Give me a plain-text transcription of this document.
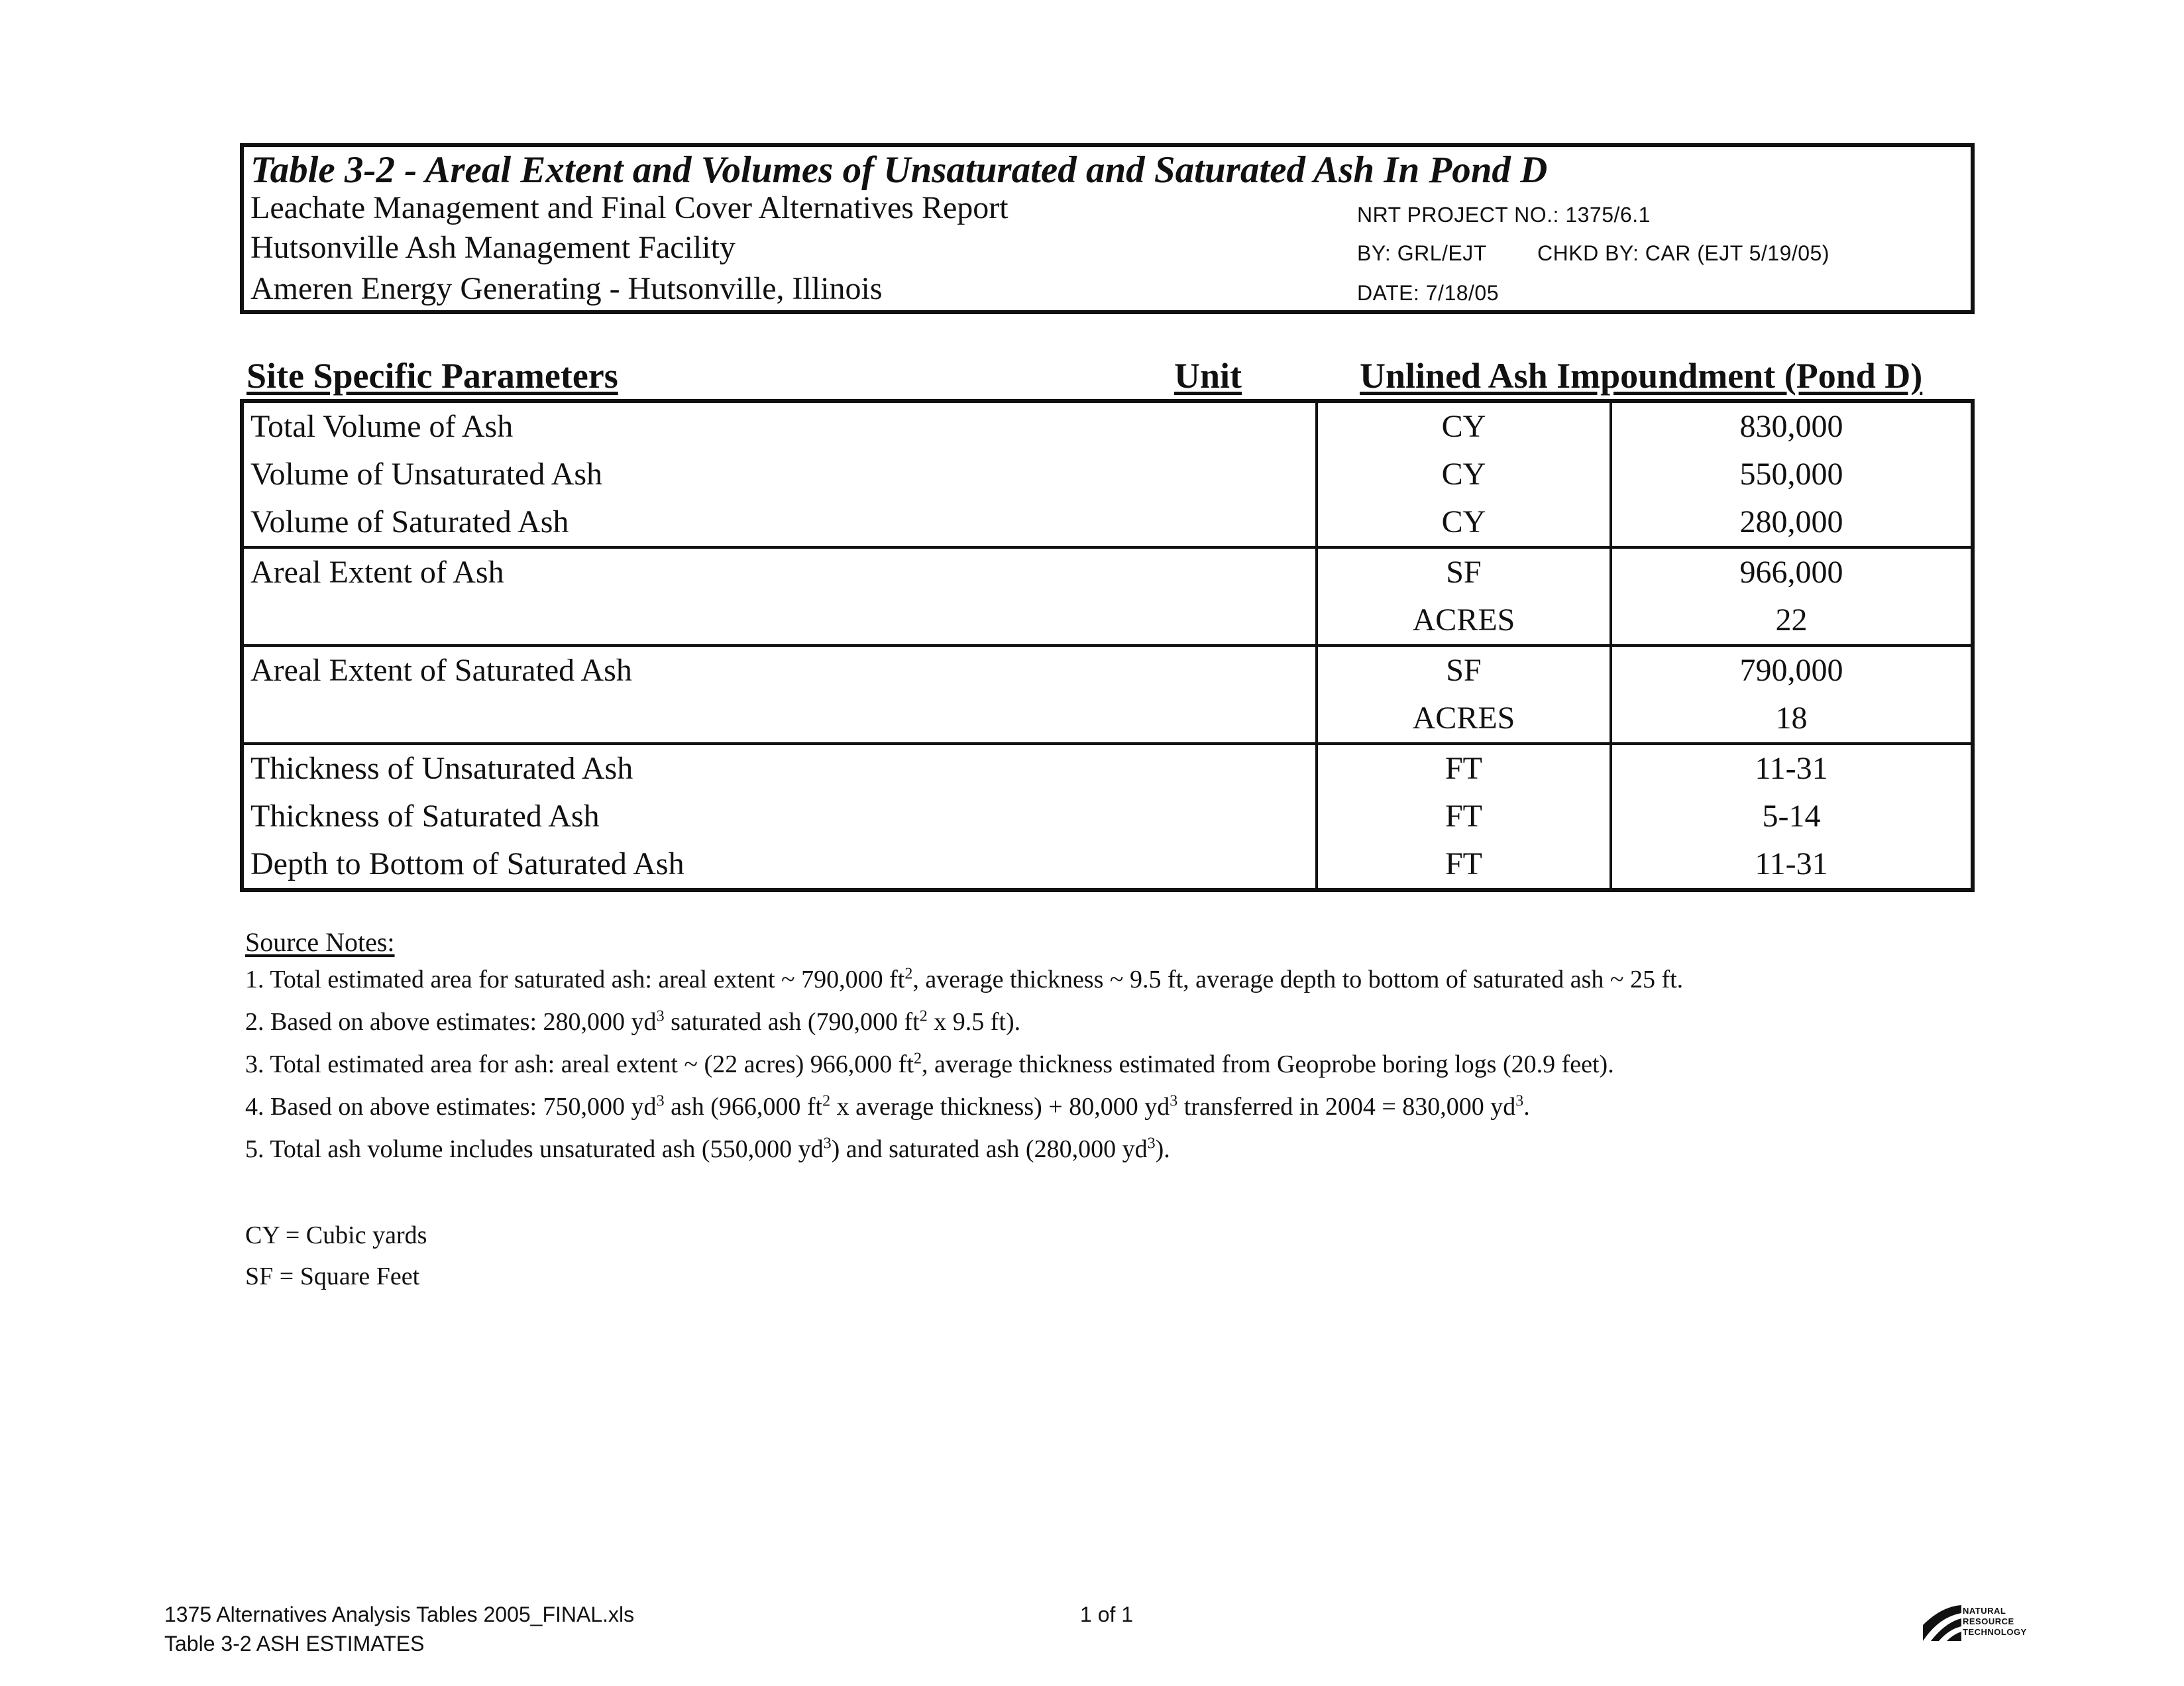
Table 3-2 - Areal Extent and Volumes of Unsaturated and Saturated Ash In Pond D
Leachate Management and Final Cover Alternatives Report
Hutsonville Ash Management Facility
Ameren Energy Generating - Hutsonville, Illinois
NRT PROJECT NO.: 1375/6.1
BY: GRL/EJT CHKD BY: CAR (EJT 5/19/05)
DATE: 7/18/05
Site Specific Parameters	Unit	Unlined Ash Impoundment (Pond D)
Total Volume of Ash	CY	830,000
Volume of Unsaturated Ash	CY	550,000
Volume of Saturated Ash	CY	280,000
Areal Extent of Ash	SF	966,000
	ACRES	22
Areal Extent of Saturated Ash	SF	790,000
	ACRES	18
Thickness of Unsaturated Ash	FT	11-31
Thickness of Saturated Ash	FT	5-14
Depth to Bottom of Saturated Ash	FT	11-31
Source Notes:
1. Total estimated area for saturated ash: areal extent ~ 790,000 $ft^2$, average thickness ~ 9.5 ft, average depth to bottom of saturated ash ~ 25 ft.
2. Based on above estimates: 280,000 $yd^3$ saturated ash (790,000 $ft^2$ x 9.5 ft).
3. Total estimated area for ash: areal extent ~ (22 acres) 966,000 $ft^2$, average thickness estimated from Geoprobe boring logs (20.9 feet).
4. Based on above estimates: 750,000 $yd^3$ ash (966,000 $ft^2$ x average thickness) + 80,000 $yd^3$ transferred in 2004 = 830,000 $yd^3$.
5. Total ash volume includes unsaturated ash (550,000 $yd^3$) and saturated ash (280,000 $yd^3$).
CY = Cubic yards
SF = Square Feet
1375 Alternatives Analysis Tables 2005_FINAL.xls
Table 3-2 ASH ESTIMATES
1 of 1	NATURAL
RESOURCE
TECHNOLOGY
